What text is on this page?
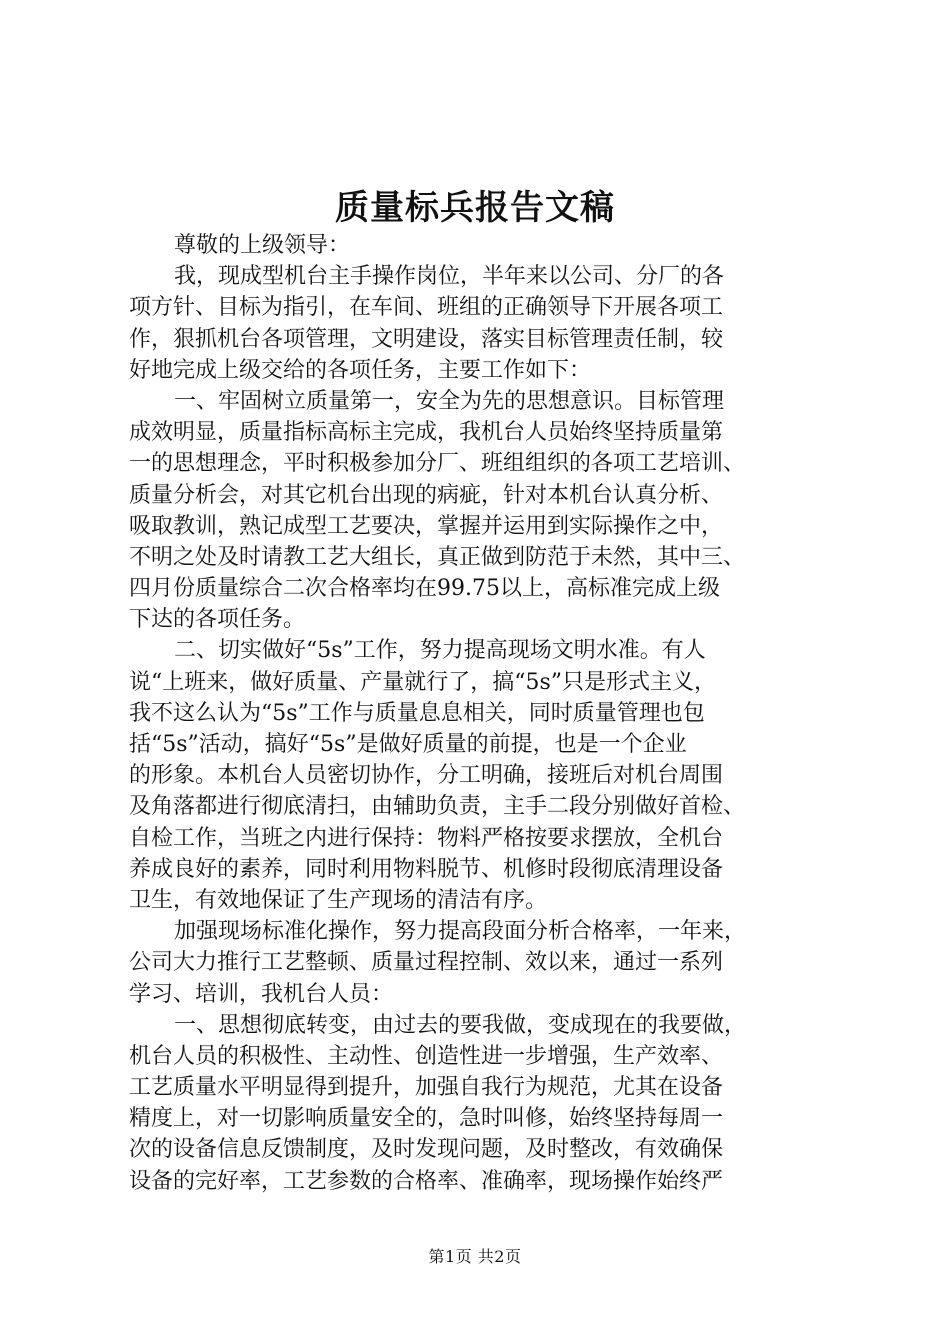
质量标兵报告文稿
尊敬的上级领导：
我，现成型机台主手操作岗位，半年来以公司、分厂的各
项方针、目标为指引，在车间、班组的正确领导下开展各项工
作，狠抓机台各项管理，文明建设，落实目标管理责任制，较
好地完成上级交给的各项任务，主要工作如下：
一、牢固树立质量第一，安全为先的思想意识。目标管理
成效明显，质量指标高标主完成，我机台人员始终坚持质量第
一的思想理念，平时积极参加分厂、班组组织的各项工艺培训、
质量分析会，对其它机台出现的病疵，针对本机台认真分析、
吸取教训，熟记成型工艺要决，掌握并运用到实际操作之中，
不明之处及时请教工艺大组长，真正做到防范于未然，其中三、
四月份质量综合二次合格率均在99.75以上，高标准完成上级
下达的各项任务。
二、切实做好“5s”工作，努力提高现场文明水准。有人
说“上班来，做好质量、产量就行了，搞“5s”只是形式主义，
我不这么认为“5s”工作与质量息息相关，同时质量管理也包
括“5s”活动，搞好“5s”是做好质量的前提，也是一个企业
的形象。本机台人员密切协作，分工明确，接班后对机台周围
及角落都进行彻底清扫，由辅助负责，主手二段分别做好首检、
自检工作，当班之内进行保持：物料严格按要求摆放，全机台
养成良好的素养，同时利用物料脱节、机修时段彻底清理设备
卫生，有效地保证了生产现场的清洁有序。
加强现场标准化操作，努力提高段面分析合格率，一年来，
公司大力推行工艺整顿、质量过程控制、效以来，通过一系列
学习、培训，我机台人员：
一、思想彻底转变，由过去的要我做，变成现在的我要做，
机台人员的积极性、主动性、创造性进一步增强，生产效率、
工艺质量水平明显得到提升，加强自我行为规范，尤其在设备
精度上，对一切影响质量安全的，急时叫修，始终坚持每周一
次的设备信息反馈制度，及时发现问题，及时整改，有效确保
设备的完好率，工艺参数的合格率、准确率，现场操作始终严
第1页 共2页
